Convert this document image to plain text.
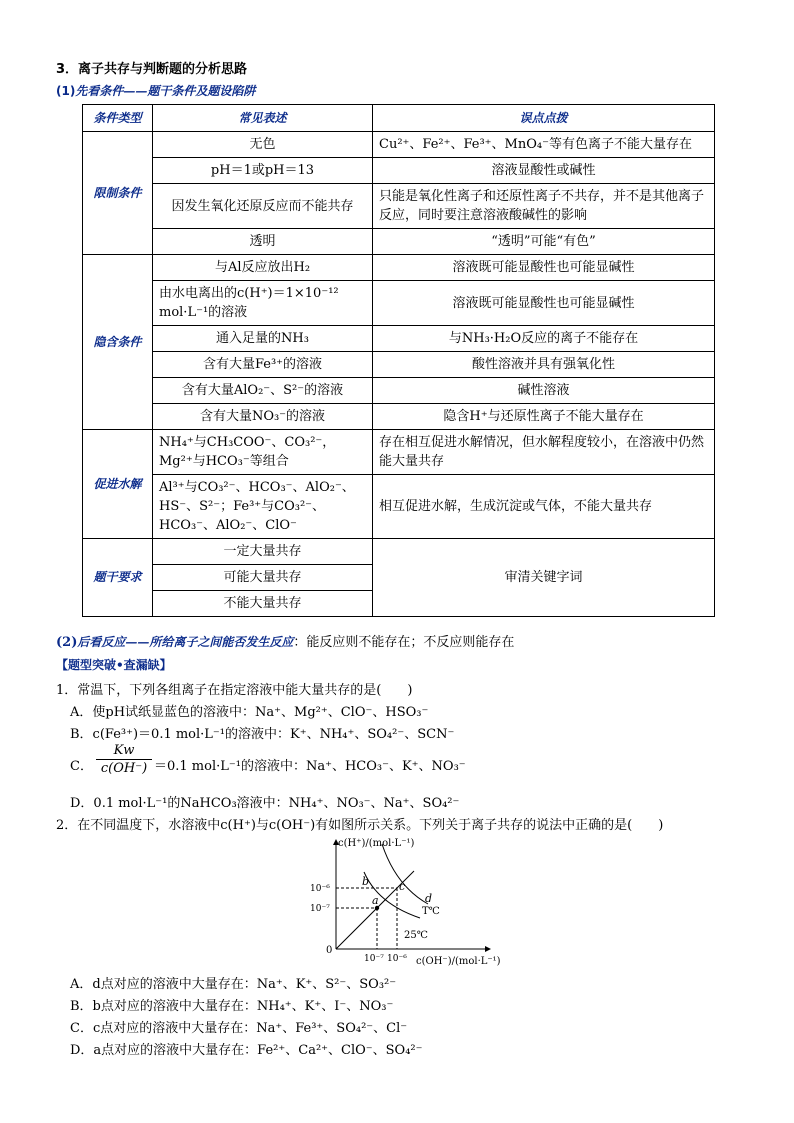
3．离子共存与判断题的分析思路
(1)先看条件——题干条件及题设陷阱
条件类型	常见表述	误点点拨
限制条件	无色	Cu²⁺、Fe²⁺、Fe³⁺、MnO₄⁻等有色离子不能大量存在
	pH＝1或pH＝13	溶液显酸性或碱性
	因发生氧化还原反应而不能共存	只能是氧化性离子和还原性离子不共存，并不是其他离子反应，同时要注意溶液酸碱性的影响
	透明	“透明”可能“有色”
隐含条件	与Al反应放出H₂	溶液既可能显酸性也可能显碱性
	由水电离出的c(H⁺)＝1×10⁻¹² mol·L⁻¹的溶液	溶液既可能显酸性也可能显碱性
	通入足量的NH₃	与NH₃·H₂O反应的离子不能存在
	含有大量Fe³⁺的溶液	酸性溶液并具有强氧化性
	含有大量AlO₂⁻、S²⁻的溶液	碱性溶液
	含有大量NO₃⁻的溶液	隐含H⁺与还原性离子不能大量存在
促进水解	NH₄⁺与CH₃COO⁻、CO₃²⁻，Mg²⁺与HCO₃⁻等组合	存在相互促进水解情况，但水解程度较小，在溶液中仍然能大量共存
	Al³⁺与CO₃²⁻、HCO₃⁻、AlO₂⁻、HS⁻、S²⁻；Fe³⁺与CO₃²⁻、HCO₃⁻、AlO₂⁻、ClO⁻	相互促进水解，生成沉淀或气体，不能大量共存
题干要求	一定大量共存	审清关键字词
	可能大量共存	
	不能大量共存	
(2)后看反应——所给离子之间能否发生反应：能反应则不能存在；不反应则能存在
【题型突破•查漏缺】
1．常温下，下列各组离子在指定溶液中能大量共存的是(　　)
A．使pH试纸显蓝色的溶液中：Na⁺、Mg²⁺、ClO⁻、HSO₃⁻
B．c(Fe³⁺)＝0.1 mol·L⁻¹的溶液中：K⁺、NH₄⁺、SO₄²⁻、SCN⁻
C． $\frac{Kw}{c(OH^-)} =0.1$ mol·L⁻¹的溶液中：Na⁺、HCO₃⁻、K⁺、NO₃⁻
D．0.1 mol·L⁻¹的NaHCO₃溶液中：NH₄⁺、NO₃⁻、Na⁺、SO₄²⁻
2．在不同温度下，水溶液中c(H⁺)与c(OH⁻)有如图所示关系。下列关于离子共存的说法中正确的是(　　)
c(H⁺)/(mol·L⁻¹)
c(OH⁻)/(mol·L⁻¹)
0
10⁻⁶
10⁻⁷
10⁻⁷ 10⁻⁶
a
b	c
d
T℃
25℃
A．d点对应的溶液中大量存在：Na⁺、K⁺、S²⁻、SO₃²⁻
B．b点对应的溶液中大量存在：NH₄⁺、K⁺、I⁻、NO₃⁻
C．c点对应的溶液中大量存在：Na⁺、Fe³⁺、SO₄²⁻、Cl⁻
D．a点对应的溶液中大量存在：Fe²⁺、Ca²⁺、ClO⁻、SO₄²⁻
